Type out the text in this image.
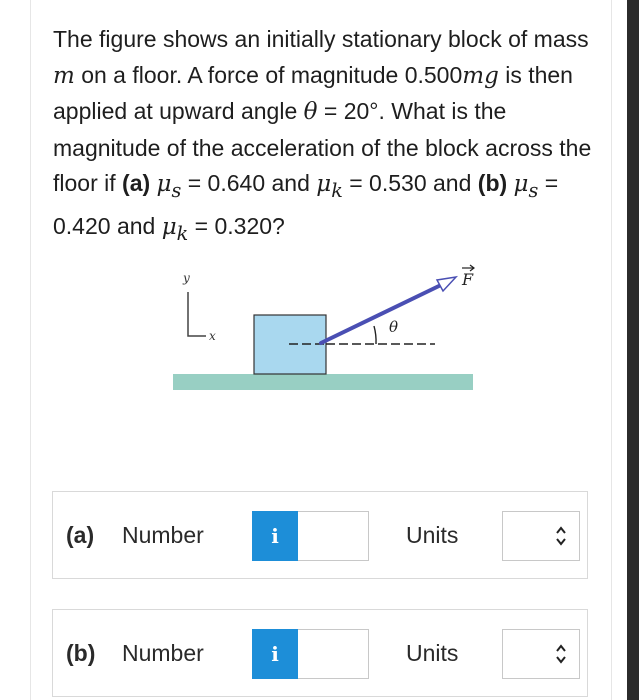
The figure shows an initially stationary block of mass m on a floor. A force of magnitude 0.500mg is then applied at upward angle θ = 20°. What is the magnitude of the acceleration of the block across the floor if (a) $\mu_s = 0.640$ and $\mu_k = 0.530$ and (b) $\mu_s = 0.420$ and $\mu_k = 0.320$?
y
x	θ
F
(a) Number	i	Units
(b) Number	i	Units
